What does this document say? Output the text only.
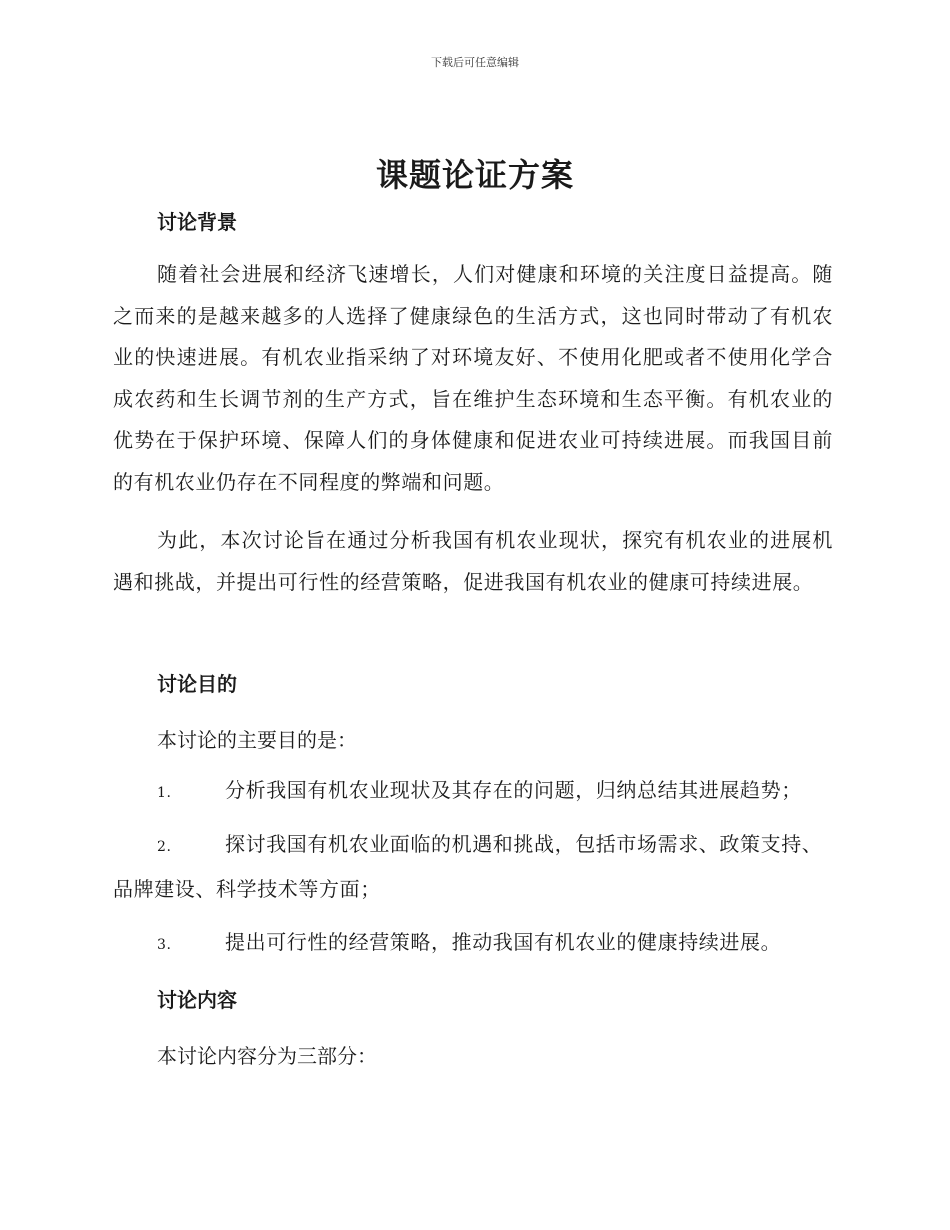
下载后可任意编辑
课题论证方案
讨论背景
随着社会进展和经济飞速增长，人们对健康和环境的关注度日益提高。随之而来的是越来越多的人选择了健康绿色的生活方式，这也同时带动了有机农业的快速进展。有机农业指采纳了对环境友好、不使用化肥或者不使用化学合成农药和生长调节剂的生产方式，旨在维护生态环境和生态平衡。有机农业的优势在于保护环境、保障人们的身体健康和促进农业可持续进展。而我国目前的有机农业仍存在不同程度的弊端和问题。
为此，本次讨论旨在通过分析我国有机农业现状，探究有机农业的进展机遇和挑战，并提出可行性的经营策略，促进我国有机农业的健康可持续进展。
讨论目的
本讨论的主要目的是：
1.	分析我国有机农业现状及其存在的问题，归纳总结其进展趋势；
2.	探讨我国有机农业面临的机遇和挑战，包括市场需求、政策支持、品牌建设、科学技术等方面；
3.	提出可行性的经营策略，推动我国有机农业的健康持续进展。
讨论内容
本讨论内容分为三部分：
